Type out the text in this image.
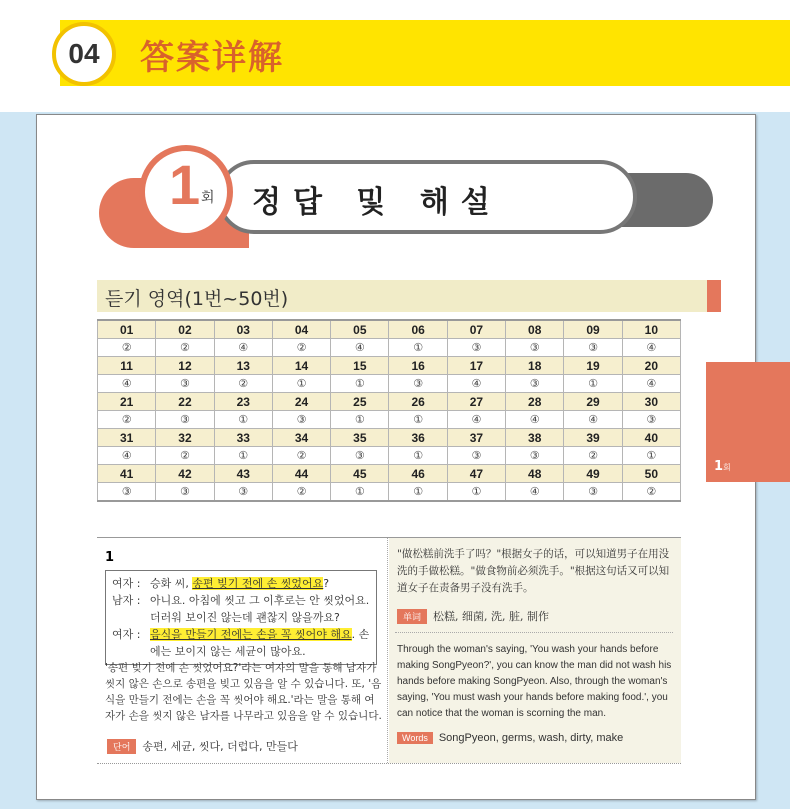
04 答案详解
1 회 정답 및 해설
듣기 영역(1번~50번)
01	02	03	04	05	06	07	08	09	10
②	②	④	②	④	①	③	③	③	④
11	12	13	14	15	16	17	18	19	20
④	③	②	①	①	③	④	③	①	④
21	22	23	24	25	26	27	28	29	30
②	③	①	③	①	①	④	④	④	③
31	32	33	34	35	36	37	38	39	40
④	②	①	②	③	①	③	③	②	①
41	42	43	44	45	46	47	48	49	50
③	③	③	②	①	①	①	④	③	②
1
여자 : 승화 씨, 송편 빚기 전에 손 씻었어요?
남자 : 아니요. 아침에 씻고 그 이후로는 안 씻었어요. 더러워 보이진 않는데 괜찮지 않을까요?
여자 : 음식을 만들기 전에는 손을 꼭 씻어야 해요. 손에는 보이지 않는 세균이 많아요.
'송편 빚기 전에 손 씻었어요?'라는 여자의 말을 통해 남자가 씻지 않은 손으로 송편을 빚고 있음을 알 수 있습니다. 또, '음식을 만들기 전에는 손을 꼭 씻어야 해요.'라는 말을 통해 여자가 손을 씻지 않은 남자를 나무라고 있음을 알 수 있습니다.
단어	송편, 세균, 씻다, 더럽다, 만들다
"做松糕前洗手了吗？"根据女子的话，可以知道男子在用没洗的手做松糕。"做食物前必须洗手。"根据这句话又可以知道女子在责备男子没有洗手。
单词	松糕, 细菌, 洗, 脏, 制作
Through the woman's saying, 'You wash your hands before making SongPyeon?', you can know the man did not wash his hands before making SongPyeon. Also, through the woman's saying, 'You must wash your hands before making food.', you can notice that the woman is scorning the man.
Words	SongPyeon, germs, wash, dirty, make
1회
